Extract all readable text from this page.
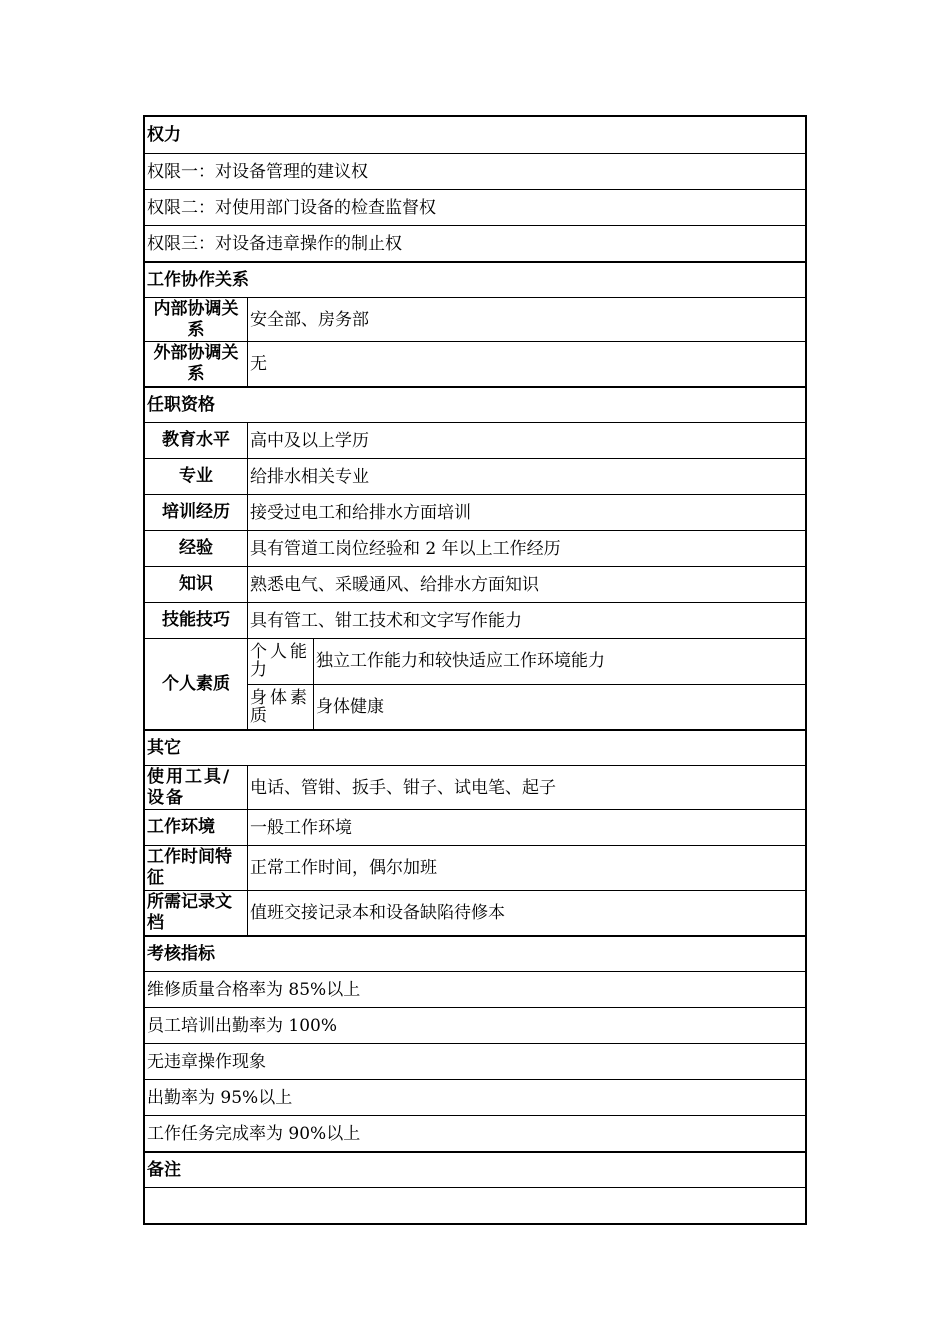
权力
权限一：对设备管理的建议权
权限二：对使用部门设备的检查监督权
权限三：对设备违章操作的制止权
工作协作关系
内部协调关系	安全部、房务部
外部协调关系	无
任职资格
教育水平	高中及以上学历
专业	给排水相关专业
培训经历	接受过电工和给排水方面培训
经验	具有管道工岗位经验和 2 年以上工作经历
知识	熟悉电气、采暖通风、给排水方面知识
技能技巧	具有管工、钳工技术和文字写作能力
个人素质
个人能力	独立工作能力和较快适应工作环境能力
身体素质	身体健康
其它
使用工具/设备	电话、管钳、扳手、钳子、试电笔、起子
工作环境	一般工作环境
工作时间特征	正常工作时间，偶尔加班
所需记录文档	值班交接记录本和设备缺陷待修本
考核指标
维修质量合格率为 85%以上
员工培训出勤率为 100%
无违章操作现象
出勤率为 95%以上
工作任务完成率为 90%以上
备注
